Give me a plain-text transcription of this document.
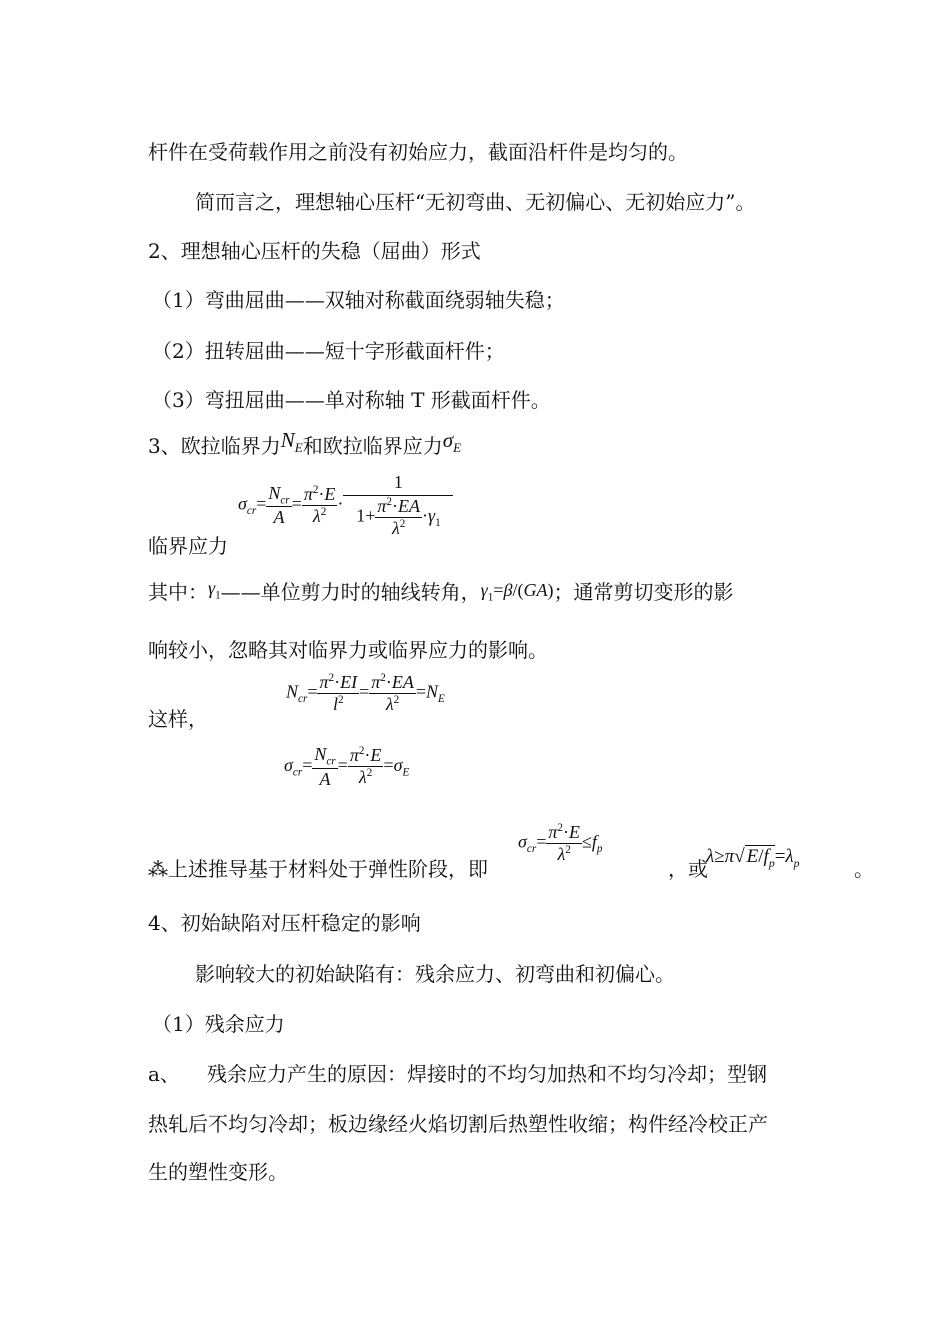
杆件在受荷载作用之前没有初始应力，截面沿杆件是均匀的。
简而言之，理想轴心压杆“无初弯曲、无初偏心、无初始应力”。
2、理想轴心压杆的失稳（屈曲）形式
（1）弯曲屈曲——双轴对称截面绕弱轴失稳；
（2）扭转屈曲——短十字形截面杆件；
（3）弯扭屈曲——单对称轴 T 形截面杆件。
3、欧拉临界力$N_E$和欧拉临界应力$\sigma_E$
$\sigma_{cr}= \frac{N_{cr}}{A} = \frac{\pi^2\cdot E}{\lambda^2} \cdot \frac{1}{1+ \frac{\pi^2\cdot EA}{\lambda^2} \cdot\gamma_1}$
临界应力
其中：$\gamma_1——$单位剪力时的轴线转角，$\gamma_1=\beta/(GA)$；通常剪切变形的影
响较小，忽略其对临界力或临界应力的影响。
这样，
$N_{cr}= \frac{\pi^2\cdot EI}{l^2} = \frac{\pi^2\cdot EA}{\lambda^2} =N_E$
$\sigma_{cr}= \frac{N_{cr}}{A} = \frac{\pi^2\cdot E}{\lambda^2} =\sigma_E$
⁂上述推导基于材料处于弹性阶段，即
$\sigma_{cr}= \frac{\pi^2\cdot E}{\lambda^2} \le f_p$
，或
λ≥π√ $E/f_p=\lambda_p$	。
4、初始缺陷对压杆稳定的影响
影响较大的初始缺陷有：残余应力、初弯曲和初偏心。
（1）残余应力
a、 残余应力产生的原因：焊接时的不均匀加热和不均匀冷却；型钢
热轧后不均匀冷却；板边缘经火焰切割后热塑性收缩；构件经冷校正产
生的塑性变形。
